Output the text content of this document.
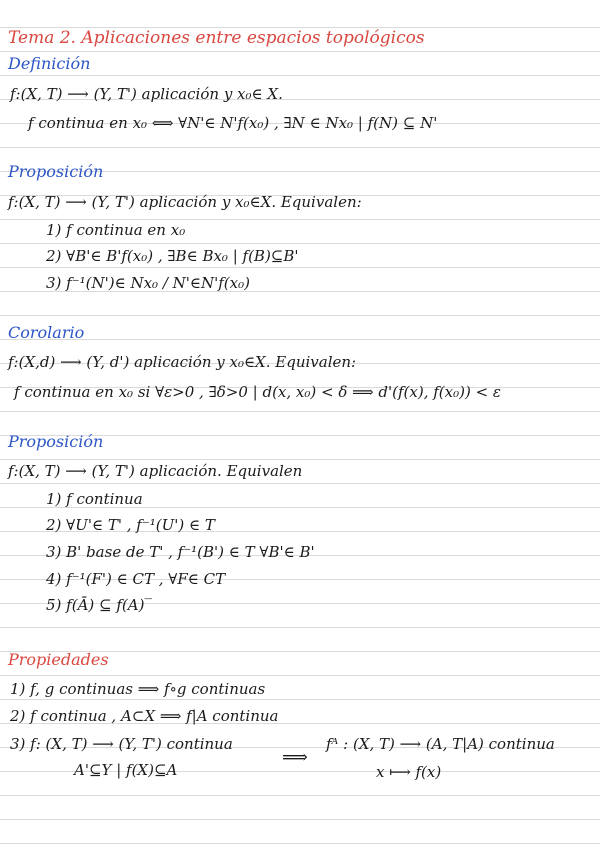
Tema 2. Aplicaciones entre espacios topológicos
Definición
f:(X, T) ⟶ (Y, T') aplicación y x₀∈ X.
f continua en x₀ ⟺ ∀N'∈ N'f(x₀) , ∃N ∈ Nx₀ | f(N) ⊆ N'
Proposición
f:(X, T) ⟶ (Y, T') aplicación y x₀∈X. Equivalen:
1) f continua en x₀
2) ∀B'∈ B'f(x₀) , ∃B∈ Bx₀ | f(B)⊆B'
3) f⁻¹(N')∈ Nx₀ / N'∈N'f(x₀)
Corolario
f:(X,d) ⟶ (Y, d') aplicación y x₀∈X. Equivalen:
f continua en x₀ si ∀ε>0 , ∃δ>0 | d(x, x₀) < δ ⟹ d'(f(x), f(x₀)) < ε
Proposición
f:(X, T) ⟶ (Y, T') aplicación. Equivalen
1) f continua
2) ∀U'∈ T' , f⁻¹(U') ∈ T
3) B' base de T' , f⁻¹(B') ∈ T ∀B'∈ B'
4) f⁻¹(F') ∈ CT , ∀F∈ CT
5) f(Ā) ⊆ f(A)‾
Propiedades
1) f, g continuas ⟹ f∘g continuas
2) f continua , A⊂X ⟹ f|A continua
3) f: (X, T) ⟶ (Y, T') continua
A'⊆Y | f(X)⊆A
⟹
fᴬ : (X, T) ⟶ (A, T|A) continua
x ⟼ f(x)
